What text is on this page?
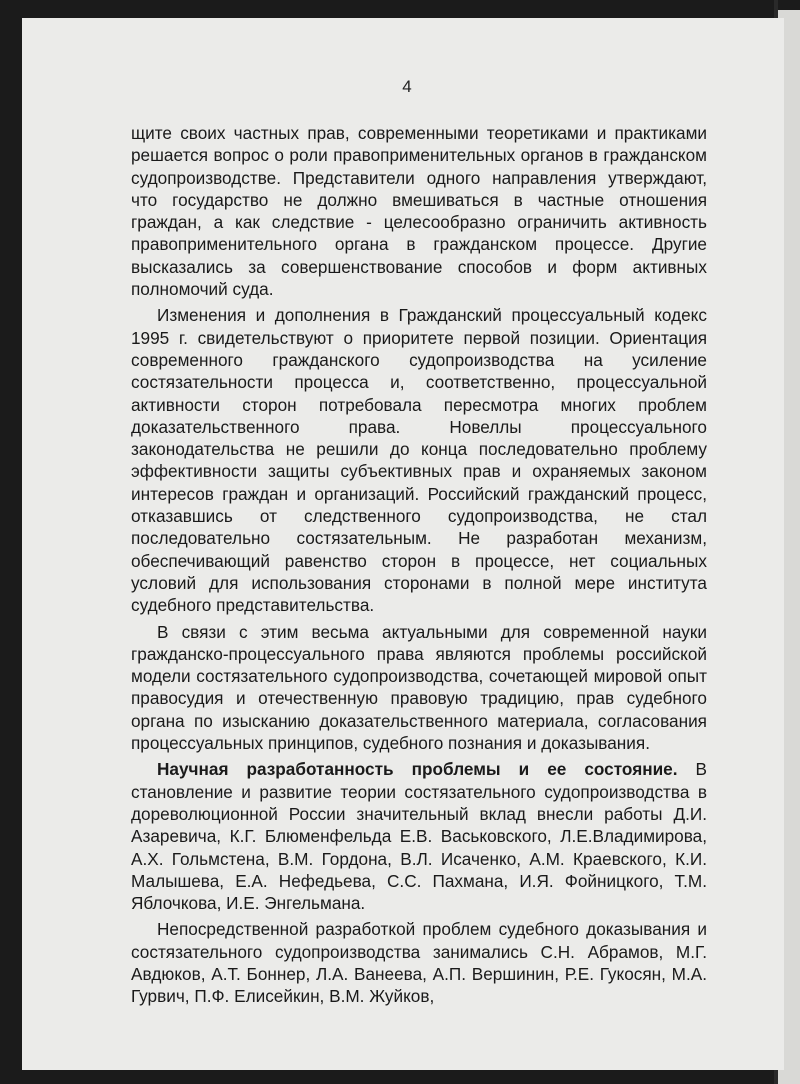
4

щите своих частных прав, современными теоретиками и практиками решается вопрос о роли правоприменительных органов в гражданском судопроизводстве. Представители одного направления утверждают, что государство не должно вмешиваться в частные отношения граждан, а как следствие - целесообразно ограничить активность правоприменительного органа в гражданском процессе. Другие высказались за совершенствование способов и форм активных полномочий суда.

Изменения и дополнения в Гражданский процессуальный кодекс 1995 г. свидетельствуют о приоритете первой позиции. Ориентация современного гражданского судопроизводства на усиление состязательности процесса и, соответственно, процессуальной активности сторон потребовала пересмотра многих проблем доказательственного права. Новеллы процессуального законодательства не решили до конца последовательно проблему эффективности защиты субъективных прав и охраняемых законом интересов граждан и организаций. Российский гражданский процесс, отказавшись от следственного судопроизводства, не стал последовательно состязательным. Не разработан механизм, обеспечивающий равенство сторон в процессе, нет социальных условий для использования сторонами в полной мере института судебного представительства.

В связи с этим весьма актуальными для современной науки гражданско-процессуального права являются проблемы российской модели состязательного судопроизводства, сочетающей мировой опыт правосудия и отечественную правовую традицию, прав судебного органа по изысканию доказательственного материала, согласования процессуальных принципов, судебного познания и доказывания.

Научная разработанность проблемы и ее состояние. В становление и развитие теории состязательного судопроизводства в дореволюционной России значительный вклад внесли работы Д.И. Азаревича, К.Г. Блюменфельда Е.В. Васьковского, Л.Е.Владимирова, А.Х. Гольмстена, В.М. Гордона, В.Л. Исаченко, А.М. Краевского, К.И. Малышева, Е.А. Нефедьева, С.С. Пахмана, И.Я. Фойницкого, Т.М. Яблочкова, И.Е. Энгельмана.

Непосредственной разработкой проблем судебного доказывания и состязательного судопроизводства занимались С.Н. Абрамов, М.Г. Авдюков, А.Т. Боннер, Л.А. Ванеева, А.П. Вершинин, Р.Е. Гукосян, М.А. Гурвич, П.Ф. Елисейкин, В.М. Жуйков,
